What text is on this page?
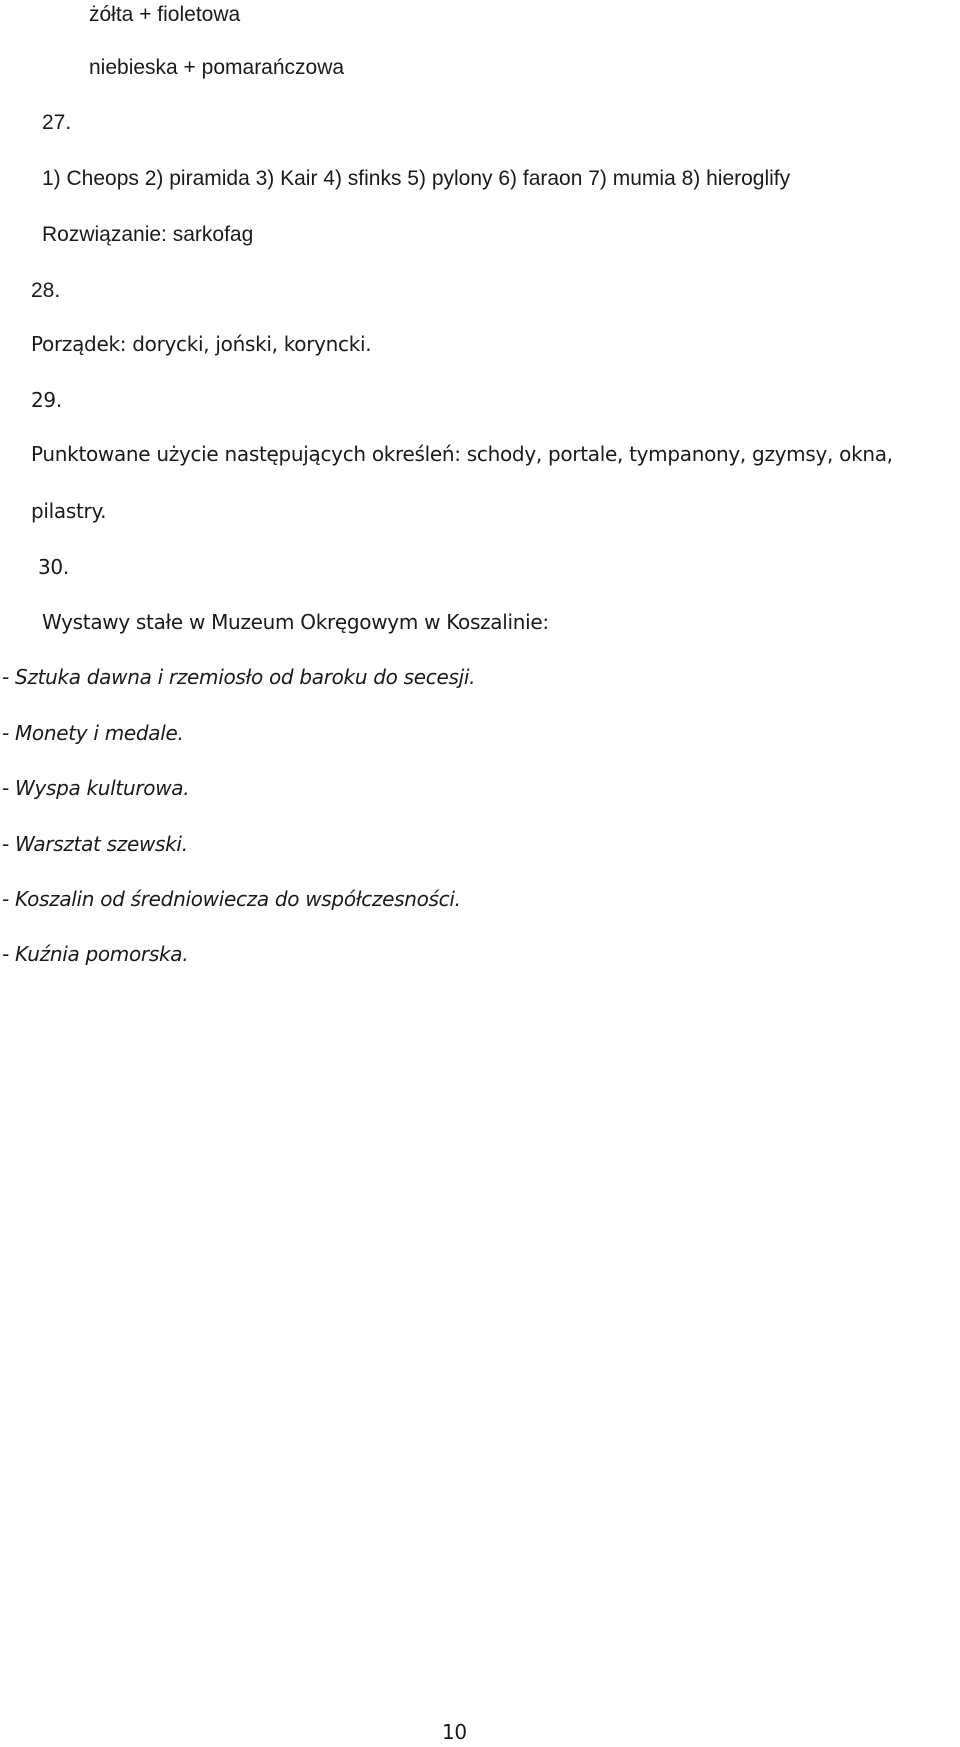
żółta + fioletowa
niebieska + pomarańczowa
27.
1) Cheops 2) piramida 3) Kair 4) sfinks 5) pylony 6) faraon 7) mumia 8) hieroglify
Rozwiązanie: sarkofag
28.
Porządek: dorycki, joński, koryncki.
29.
Punktowane użycie następujących określeń: schody, portale, tympanony, gzymsy, okna,
pilastry.
30.
Wystawy stałe w Muzeum Okręgowym w Koszalinie:
- Sztuka dawna i rzemiosło od baroku do secesji.
- Monety i medale.
- Wyspa kulturowa.
- Warsztat szewski.
- Koszalin od średniowiecza do współczesności.
- Kuźnia pomorska.
10
